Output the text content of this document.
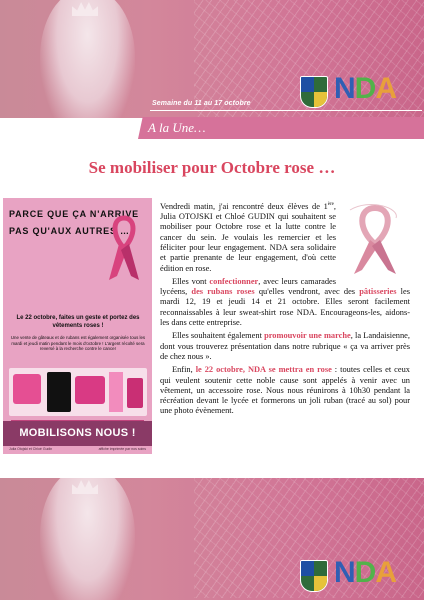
NDA
Semaine du 11 au 17 octobre
A la Une…
Se mobiliser pour Octobre rose …
PARCE QUE ÇA N'ARRIVE PAS QU'AUX AUTRES …
Le 22 octobre, faites un geste et portez des vêtements roses !
Une vente de gâteaux et de rubans est également organisée tous les mardi et jeudi matin pendant le mois d'octobre ! L'argent récolté sera reversé à la recherche contre le cancer
MOBILISONS NOUS !
Julia Otojski et Chloé Gudin	affiche imprimée par nos soins

Vendredi matin, j'ai rencontré deux élèves de 1ère, Julia OTOJSKI et Chloé GUDIN qui souhaitent se mobiliser pour Octobre rose et la lutte contre le cancer du sein. Je voulais les remercier et les féliciter pour leur engagement. NDA sera solidaire et partie prenante de leur engagement, d'où cette édition en rose.

Elles vont confectionner, avec leurs camarades lycéens, des rubans roses qu'elles vendront, avec des pâtisseries les mardi 12, 19 et jeudi 14 et 21 octobre. Elles seront facilement reconnaissables à leur sweat-shirt rose NDA. Encourageons-les, aidons-les dans cette entreprise.

Elles souhaitent également promouvoir une marche, la Landaisienne, dont vous trouverez présentation dans notre rubrique « ça va arriver près de chez nous ».

Enfin, le 22 octobre, NDA se mettra en rose : toutes celles et ceux qui veulent soutenir cette noble cause sont appelés à venir avec un vêtement, un accessoire rose. Nous nous réunirons à 10h30 pendant la récréation devant le lycée et formerons un joli ruban (tracé au sol) pour une photo évènement.

NDA
